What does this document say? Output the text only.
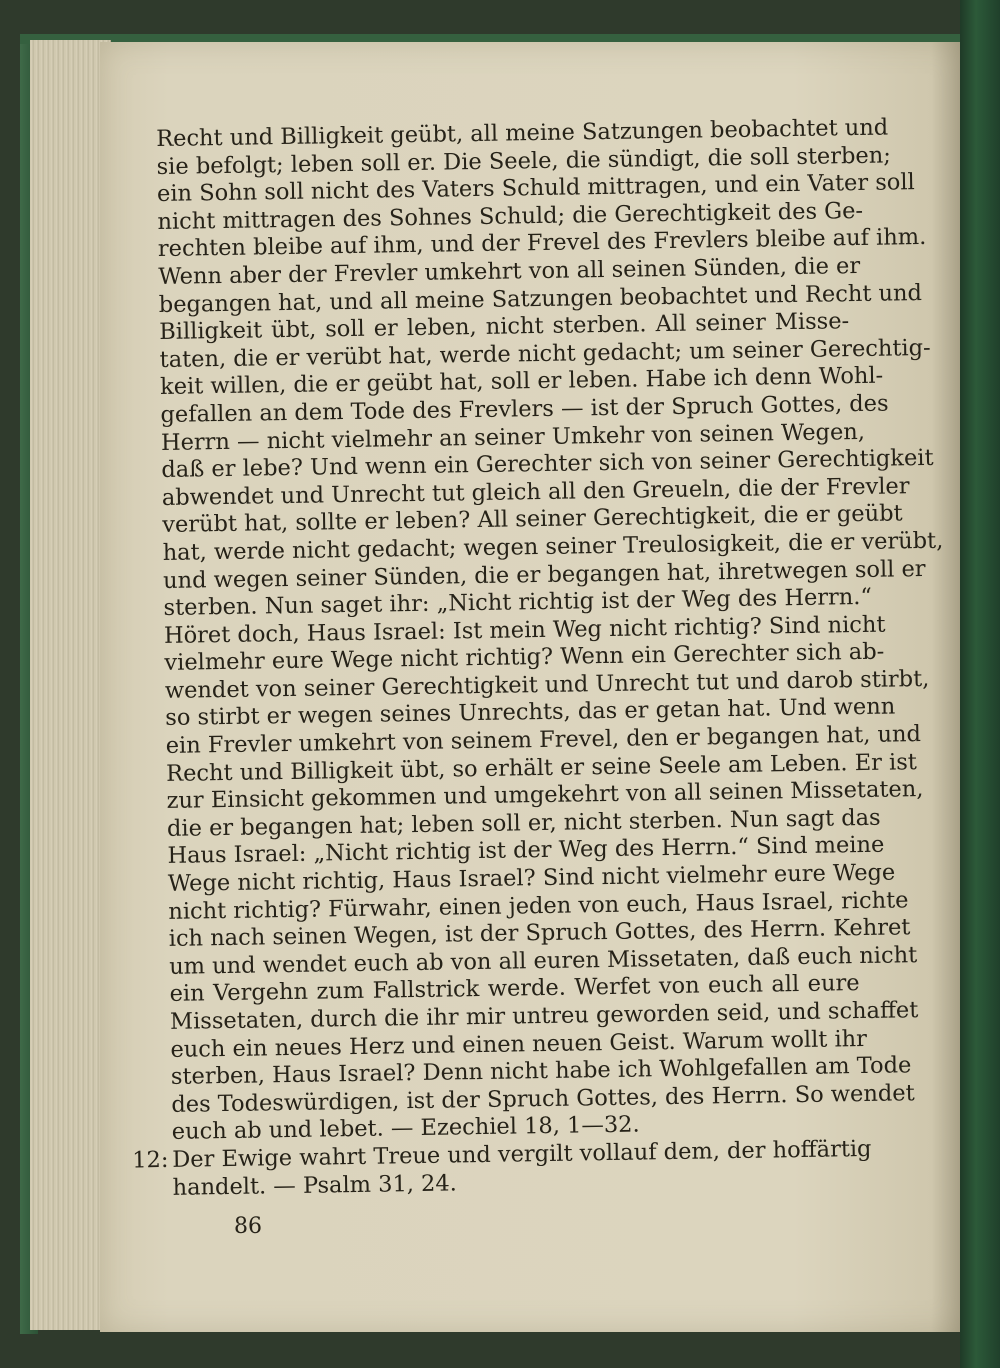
Recht und Billigkeit geübt, all meine Satzungen beobachtet und
sie befolgt; leben soll er. Die Seele, die sündigt, die soll sterben;
ein Sohn soll nicht des Vaters Schuld mittragen, und ein Vater soll
nicht mittragen des Sohnes Schuld; die Gerechtigkeit des Ge-
rechten bleibe auf ihm, und der Frevel des Frevlers bleibe auf ihm.
Wenn aber der Frevler umkehrt von all seinen Sünden, die er
begangen hat, und all meine Satzungen beobachtet und Recht und
Billigkeit übt, soll er leben, nicht sterben. All seiner Misse-
taten, die er verübt hat, werde nicht gedacht; um seiner Gerechtig-
keit willen, die er geübt hat, soll er leben. Habe ich denn Wohl-
gefallen an dem Tode des Frevlers — ist der Spruch Gottes, des
Herrn — nicht vielmehr an seiner Umkehr von seinen Wegen,
daß er lebe? Und wenn ein Gerechter sich von seiner Gerechtigkeit
abwendet und Unrecht tut gleich all den Greueln, die der Frevler
verübt hat, sollte er leben? All seiner Gerechtigkeit, die er geübt
hat, werde nicht gedacht; wegen seiner Treulosigkeit, die er verübt,
und wegen seiner Sünden, die er begangen hat, ihretwegen soll er
sterben. Nun saget ihr: „Nicht richtig ist der Weg des Herrn.“
Höret doch, Haus Israel: Ist mein Weg nicht richtig? Sind nicht
vielmehr eure Wege nicht richtig? Wenn ein Gerechter sich ab-
wendet von seiner Gerechtigkeit und Unrecht tut und darob stirbt,
so stirbt er wegen seines Unrechts, das er getan hat. Und wenn
ein Frevler umkehrt von seinem Frevel, den er begangen hat, und
Recht und Billigkeit übt, so erhält er seine Seele am Leben. Er ist
zur Einsicht gekommen und umgekehrt von all seinen Missetaten,
die er begangen hat; leben soll er, nicht sterben. Nun sagt das
Haus Israel: „Nicht richtig ist der Weg des Herrn.“ Sind meine
Wege nicht richtig, Haus Israel? Sind nicht vielmehr eure Wege
nicht richtig? Fürwahr, einen jeden von euch, Haus Israel, richte
ich nach seinen Wegen, ist der Spruch Gottes, des Herrn. Kehret
um und wendet euch ab von all euren Missetaten, daß euch nicht
ein Vergehn zum Fallstrick werde. Werfet von euch all eure
Missetaten, durch die ihr mir untreu geworden seid, und schaffet
euch ein neues Herz und einen neuen Geist. Warum wollt ihr
sterben, Haus Israel? Denn nicht habe ich Wohlgefallen am Tode
des Todeswürdigen, ist der Spruch Gottes, des Herrn. So wendet
euch ab und lebet. — Ezechiel 18, 1—32.
12: Der Ewige wahrt Treue und vergilt vollauf dem, der hoffärtig
handelt. — Psalm 31, 24.
86
